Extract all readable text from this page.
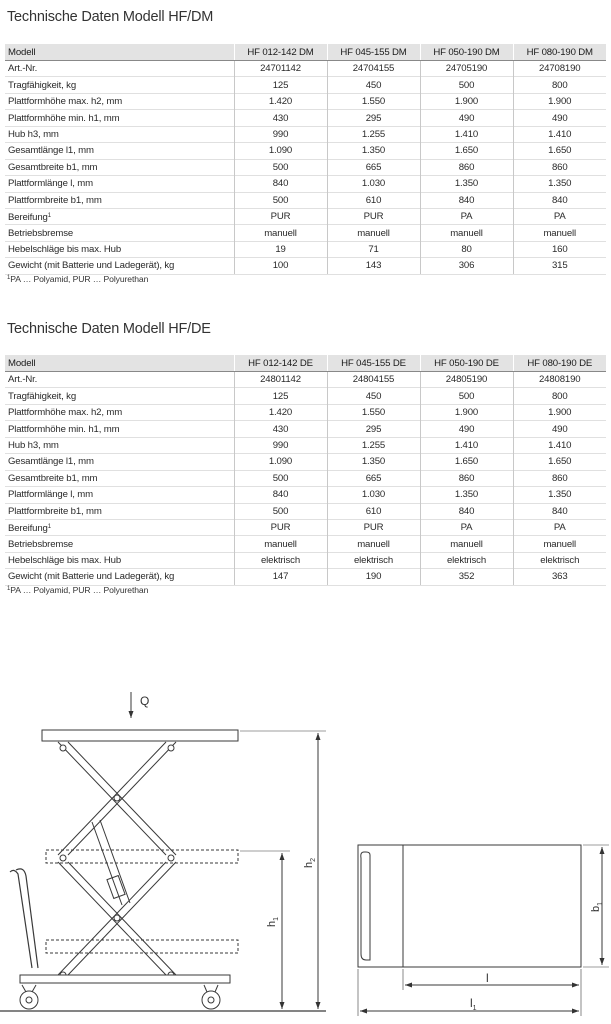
Technische Daten Modell HF/DM
Modell	HF 012-142 DM	HF 045-155 DM	HF 050-190 DM	HF 080-190 DM
Art.-Nr.	24701142	24704155	24705190	24708190
Tragfähigkeit, kg	125	450	500	800
Plattformhöhe max. h2, mm	1.420	1.550	1.900	1.900
Plattformhöhe min. h1, mm	430	295	490	490
Hub h3, mm	990	1.255	1.410	1.410
Gesamtlänge l1, mm	1.090	1.350	1.650	1.650
Gesamtbreite b1, mm	500	665	860	860
Plattformlänge l, mm	840	1.030	1.350	1.350
Plattformbreite b1, mm	500	610	840	840
Bereifung$^1$	PUR	PUR	PA	PA
Betriebsbremse	manuell	manuell	manuell	manuell
Hebelschläge bis max. Hub	19	71	80	160
Gewicht (mit Batterie und Ladegerät), kg	100	143	306	315
$^1$PA … Polyamid, PUR … Polyurethan
Technische Daten Modell HF/DE
Modell	HF 012-142 DE	HF 045-155 DE	HF 050-190 DE	HF 080-190 DE
Art.-Nr.	24801142	24804155	24805190	24808190
Tragfähigkeit, kg	125	450	500	800
Plattformhöhe max. h2, mm	1.420	1.550	1.900	1.900
Plattformhöhe min. h1, mm	430	295	490	490
Hub h3, mm	990	1.255	1.410	1.410
Gesamtlänge l1, mm	1.090	1.350	1.650	1.650
Gesamtbreite b1, mm	500	665	860	860
Plattformlänge l, mm	840	1.030	1.350	1.350
Plattformbreite b1, mm	500	610	840	840
Bereifung$^1$	PUR	PUR	PA	PA
Betriebsbremse	manuell	manuell	manuell	manuell
Hebelschläge bis max. Hub	elektrisch	elektrisch	elektrisch	elektrisch
Gewicht (mit Batterie und Ladegerät), kg	147	190	352	363
$^1$PA … Polyamid, PUR … Polyurethan
Q
$h_2$
$h_1$
l
$l_1$
$b_1$
